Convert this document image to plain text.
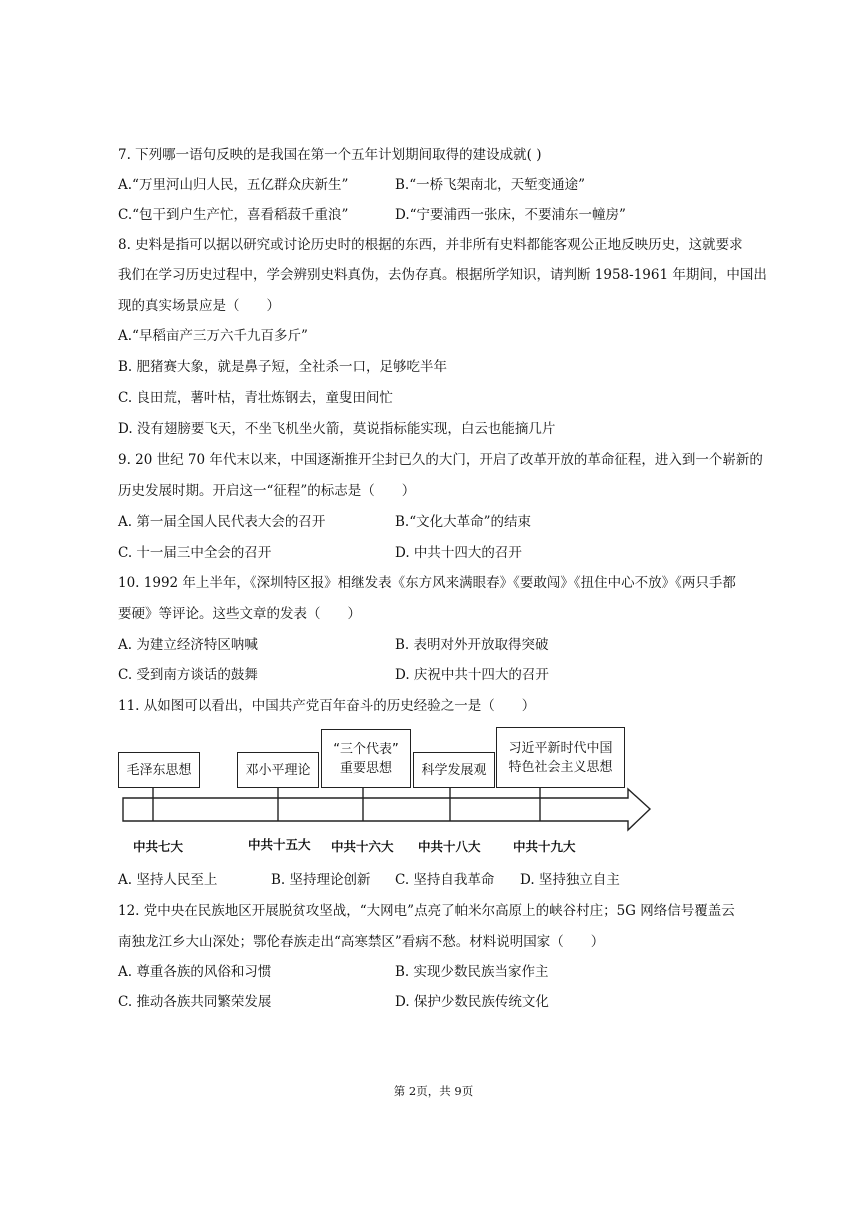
7. 下列哪一语句反映的是我国在第一个五年计划期间取得的建设成就( )
A.“万里河山归人民，五亿群众庆新生”	B.“一桥飞架南北，天堑变通途”
C.“包干到户生产忙，喜看稻菽千重浪”	D.“宁要浦西一张床，不要浦东一幢房”
8. 史料是指可以据以研究或讨论历史时的根据的东西，并非所有史料都能客观公正地反映历史，这就要求
我们在学习历史过程中，学会辨别史料真伪，去伪存真。根据所学知识，请判断 1958-1961 年期间，中国出
现的真实场景应是（　　）
A.“早稻亩产三万六千九百多斤”
B. 肥猪赛大象，就是鼻子短，全社杀一口，足够吃半年
C. 良田荒，薯叶枯，青壮炼钢去，童叟田间忙
D. 没有翅膀要飞天，不坐飞机坐火箭，莫说指标能实现，白云也能摘几片
9. 20 世纪 70 年代末以来，中国逐渐推开尘封已久的大门，开启了改革开放的革命征程，进入到一个崭新的
历史发展时期。开启这一“征程”的标志是（　　）
A. 第一届全国人民代表大会的召开	B.“文化大革命”的结束
C. 十一届三中全会的召开	D. 中共十四大的召开
10. 1992 年上半年，《深圳特区报》相继发表《东方风来满眼春》《要敢闯》《扭住中心不放》《两只手都
要硬》等评论。这些文章的发表（　　）
A. 为建立经济特区呐喊	B. 表明对外开放取得突破
C. 受到南方谈话的鼓舞	D. 庆祝中共十四大的召开
11. 从如图可以看出，中国共产党百年奋斗的历史经验之一是（　　）
毛泽东思想	邓小平理论
“三个代表”
重要思想	科学发展观
习近平新时代中国
特色社会主义思想
中共七大	中共十五大 中共十六大 中共十八大	中共十九大
A. 坚持人民至上	B. 坚持理论创新 C. 坚持自我革命 D. 坚持独立自主
12. 党中央在民族地区开展脱贫攻坚战，“大网电”点亮了帕米尔高原上的峡谷村庄；5G 网络信号覆盖云
南独龙江乡大山深处；鄂伦春族走出“高寒禁区”看病不愁。材料说明国家（　　）
A. 尊重各族的风俗和习惯	B. 实现少数民族当家作主
C. 推动各族共同繁荣发展	D. 保护少数民族传统文化
第 2页，共 9页
